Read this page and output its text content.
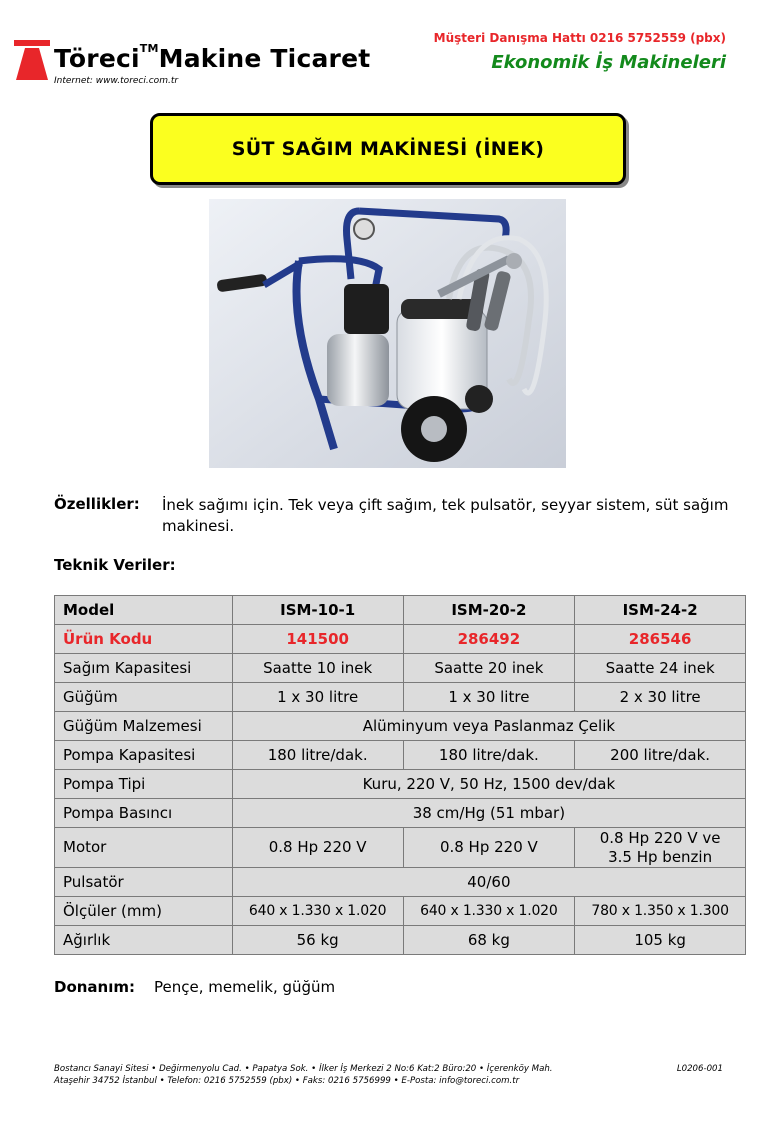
Töreci™Makine Ticaret
Internet: www.toreci.com.tr
Müşteri Danışma Hattı 0216 5752559 (pbx)
Ekonomik İş Makineleri
SÜT SAĞIM MAKİNESİ (İNEK)
Özellikler: İnek sağımı için. Tek veya çift sağım, tek pulsatör, seyyar sistem, süt sağım makinesi.
Teknik Veriler:
Model	ISM-10-1	ISM-20-2	ISM-24-2
Ürün Kodu	141500	286492	286546
Sağım Kapasitesi	Saatte 10 inek	Saatte 20 inek	Saatte 24 inek
Güğüm	1 x 30 litre	1 x 30 litre	2 x 30 litre
Güğüm Malzemesi	Alüminyum veya Paslanmaz Çelik		
Pompa Kapasitesi	180 litre/dak.	180 litre/dak.	200 litre/dak.
Pompa Tipi	Kuru, 220 V, 50 Hz, 1500 dev/dak		
Pompa Basıncı	38 cm/Hg (51 mbar)		
Motor	0.8 Hp 220 V	0.8 Hp 220 V	0.8 Hp 220 V ve
3.5 Hp benzin

Pulsatör	40/60		
Ölçüler (mm)	640 x 1.330 x 1.020	640 x 1.330 x 1.020	780 x 1.350 x 1.300
Ağırlık	56 kg	68 kg	105 kg
Donanım: Pençe, memelik, güğüm
Bostancı Sanayi Sitesi • Değirmenyolu Cad. • Papatya Sok. • İlker İş Merkezi 2 No:6 Kat:2 Büro:20 • İçerenköy Mah.
Ataşehir 34752 İstanbul • Telefon: 0216 5752559 (pbx) • Faks: 0216 5756999 • E-Posta: info@toreci.com.tr
L0206-001
